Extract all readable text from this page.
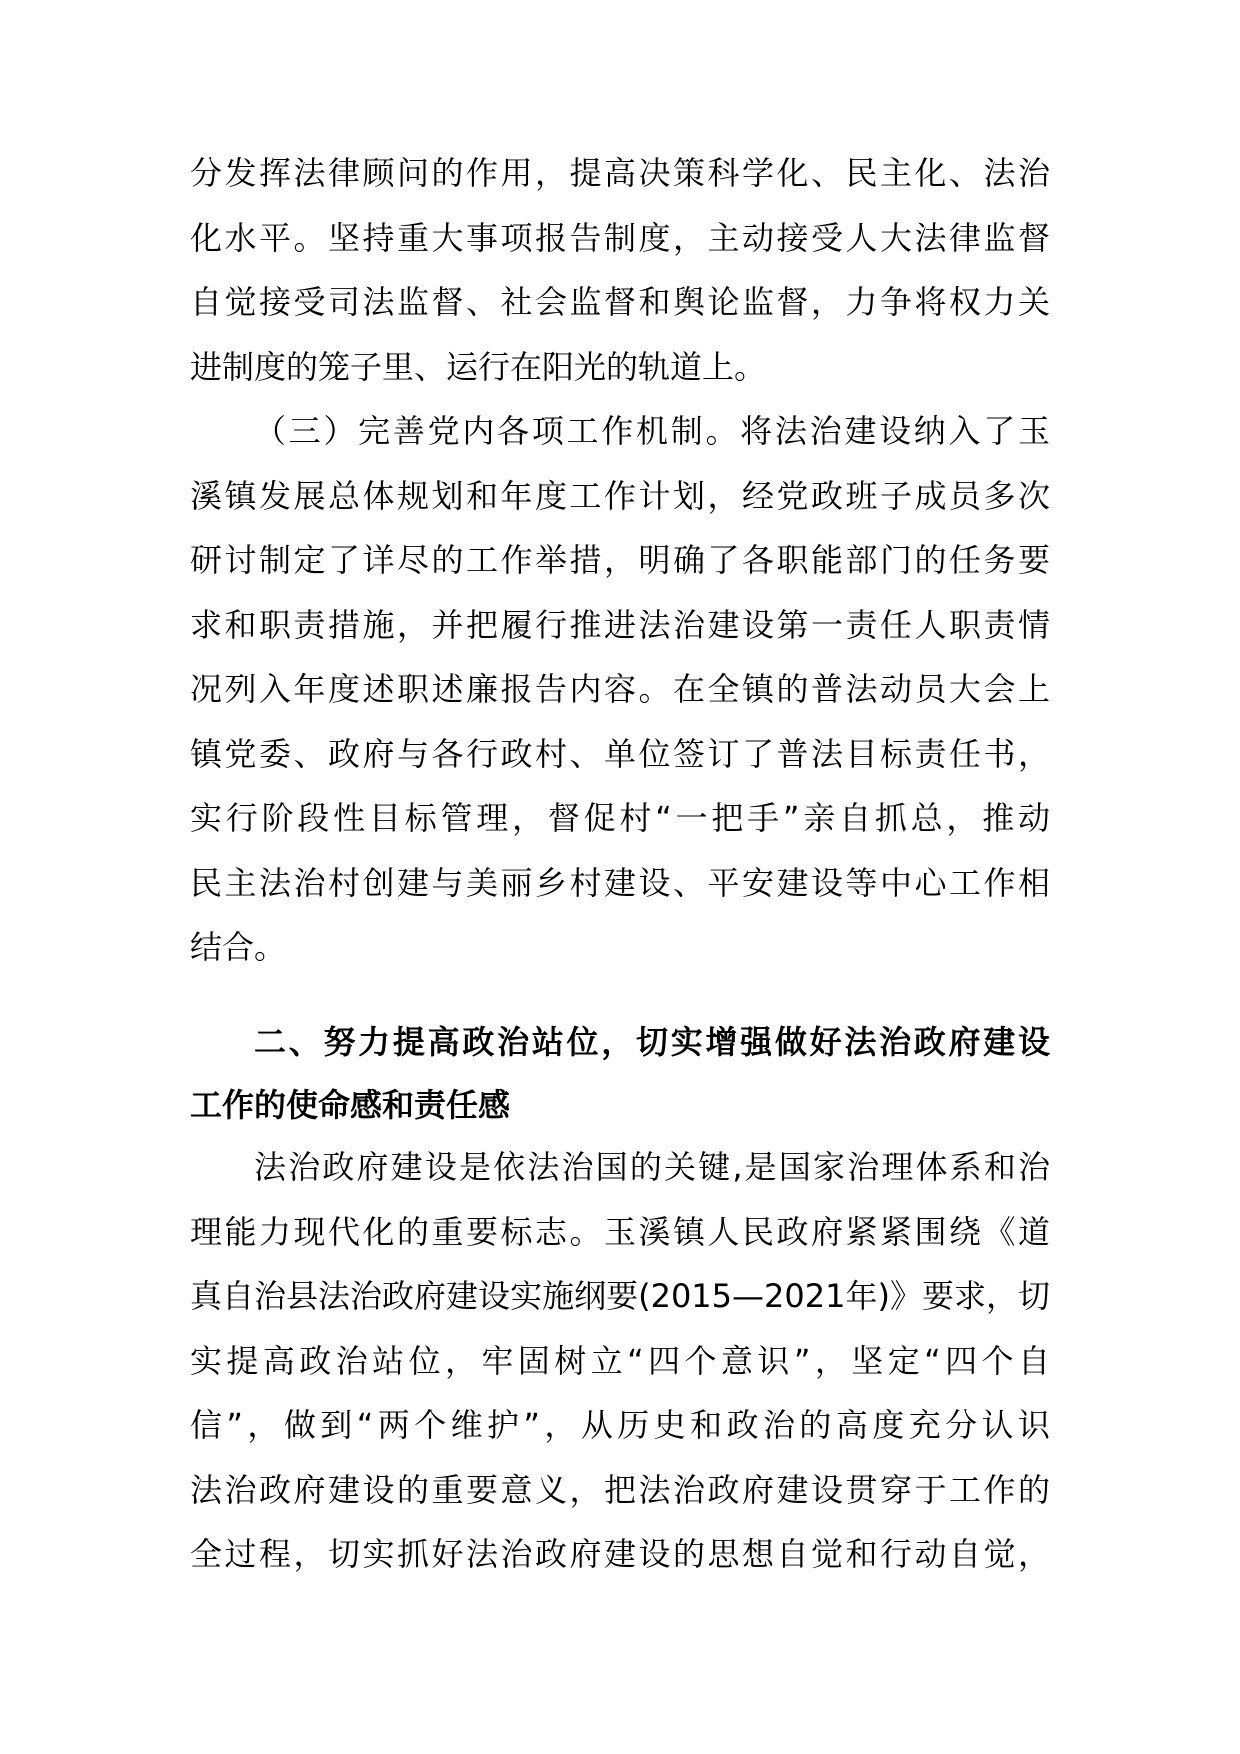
分发挥法律顾问的作用，提高决策科学化、民主化、法治
化水平。坚持重大事项报告制度，主动接受人大法律监督
自觉接受司法监督、社会监督和舆论监督，力争将权力关
进制度的笼子里、运行在阳光的轨道上。
（三）完善党内各项工作机制。将法治建设纳入了玉
溪镇发展总体规划和年度工作计划，经党政班子成员多次
研讨制定了详尽的工作举措，明确了各职能部门的任务要
求和职责措施，并把履行推进法治建设第一责任人职责情
况列入年度述职述廉报告内容。在全镇的普法动员大会上
镇党委、政府与各行政村、单位签订了普法目标责任书，
实行阶段性目标管理，督促村“一把手”亲自抓总，推动
民主法治村创建与美丽乡村建设、平安建设等中心工作相
结合。
二、努力提高政治站位，切实增强做好法治政府建设
工作的使命感和责任感
法治政府建设是依法治国的关键,是国家治理体系和治
理能力现代化的重要标志。玉溪镇人民政府紧紧围绕《道
真自治县法治政府建设实施纲要(2015—2021年)》要求，切
实提高政治站位，牢固树立“四个意识”，坚定“四个自
信”，做到“两个维护”，从历史和政治的高度充分认识
法治政府建设的重要意义，把法治政府建设贯穿于工作的
全过程，切实抓好法治政府建设的思想自觉和行动自觉，
